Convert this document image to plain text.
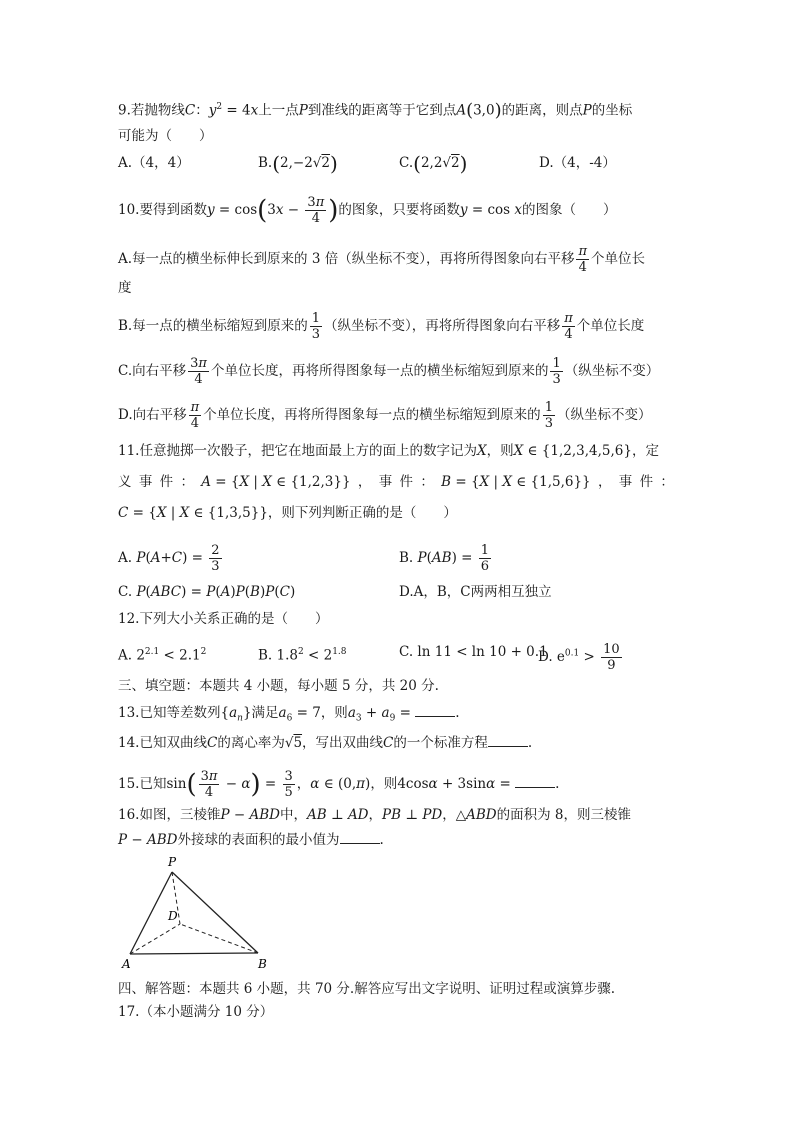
9.若抛物线C：$y^2 = 4x$上一点P到准线的距离等于它到点A(3,0)的距离，则点P的坐标
可能为（　　）
A.（4，4）	B.(2,−2√2)	C.(2,2√2)	D.（4，-4）
10.要得到函数$y = \cos(3x - \frac{3\pi}{4}$ )的图象，只要将函数y = cos x的图象（　　）
A.每一点的横坐标伸长到原来的 3 倍（纵坐标不变），再将所得图象向右平移 $\frac{\pi}{4}$ 个单位长
度
B.每一点的横坐标缩短到原来的 $\frac{1}{3}$ （纵坐标不变），再将所得图象向右平移 $\frac{\pi}{4}$ 个单位长度
C.向右平移 $\frac{3\pi}{4}$ 个单位长度，再将所得图象每一点的横坐标缩短到原来的 $\frac{1}{3}$ （纵坐标不变）
D.向右平移 $\frac{\pi}{4}$ 个单位长度，再将所得图象每一点的横坐标缩短到原来的 $\frac{1}{3}$ （纵坐标不变）
11.任意抛掷一次骰子，把它在地面最上方的面上的数字记为X，则X ∈ {1,2,3,4,5,6}，定
义 事 件 ： A = {X | X ∈ {1,2,3}} ， 事 件 ： B = {X | X ∈ {1,5,6}} ， 事 件 ：
C = {X | X ∈ {1,3,5}}，则下列判断正确的是（　　）
A. $P(A+C) = \frac{2}{3}$	B. $P(AB) = \frac{1}{6}$
C. P(ABC) = P(A)P(B)P(C)	D.A，B，C两两相互独立
12.下列大小关系正确的是（　　）
A. $2^{2.1} < 2.1^2$	B. $1.8^2 < 2^{1.8}$	C. ln 11 < ln 10 + 0.1
D. $e^{0.1} > \frac{10}{9}$
三、填空题：本题共 4 小题，每小题 5 分，共 20 分.
13.已知等差数列$\{a_n\}$满足$a_6 = 7$，则$a_3 + a_9$ =	.
14.已知双曲线C的离心率为√5，写出双曲线C的一个标准方程	.
15.已知$\sin( \frac{3\pi}{4} - \alpha) = \frac{3}{5}$ ，α ∈ (0,π)，则4cosα + 3sinα =	.
16.如图，三棱锥P − ABD中，AB ⊥ AD，PB ⊥ PD，△ABD的面积为 8，则三棱锥
P − ABD外接球的表面积的最小值为	.
P
D
A	B
四、解答题：本题共 6 小题，共 70 分.解答应写出文字说明、证明过程或演算步骤.
17.（本小题满分 10 分）
